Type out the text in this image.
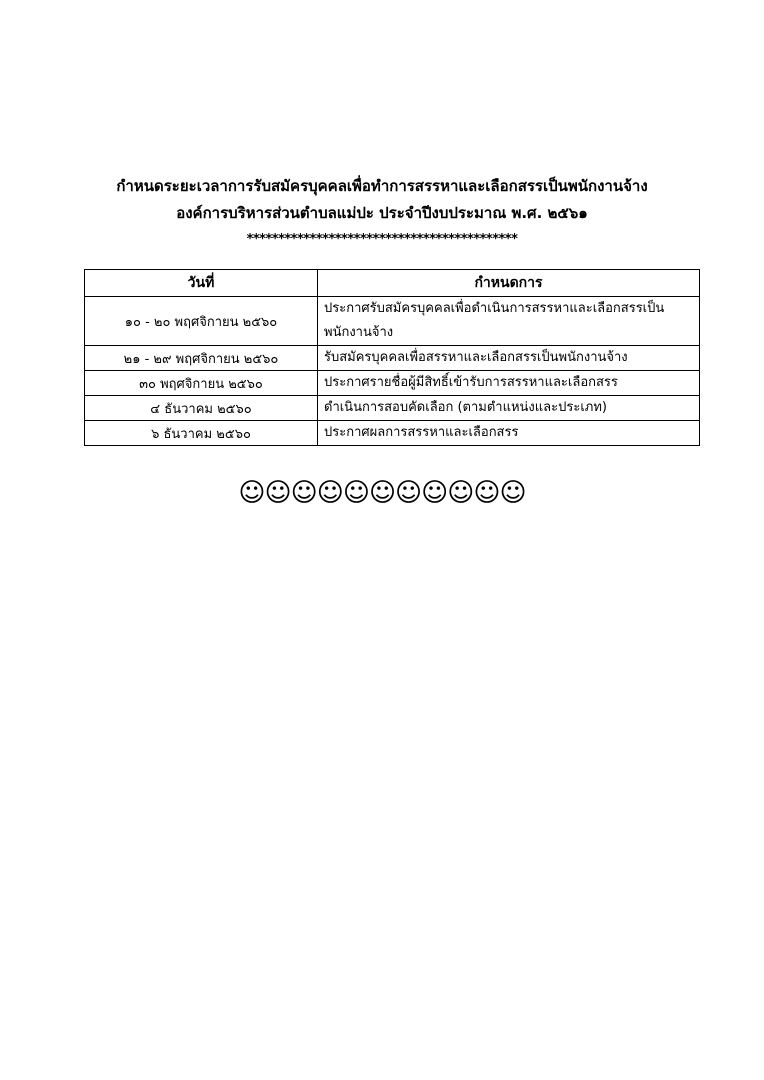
กำหนดระยะเวลาการรับสมัครบุคคลเพื่อทำการสรรหาและเลือกสรรเป็นพนักงานจ้าง
องค์การบริหารส่วนตำบลแม่ปะ ประจำปีงบประมาณ พ.ศ. ๒๕๖๑
*******************************************
วันที่	กำหนดการ
๑๐ - ๒๐ พฤศจิกายน ๒๕๖๐	ประกาศรับสมัครบุคคลเพื่อดำเนินการสรรหาและเลือกสรรเป็น
พนักงานจ้าง

๒๑ - ๒๙ พฤศจิกายน ๒๕๖๐	รับสมัครบุคคลเพื่อสรรหาและเลือกสรรเป็นพนักงานจ้าง
๓๐ พฤศจิกายน ๒๕๖๐	ประกาศรายชื่อผู้มีสิทธิ์เข้ารับการสรรหาและเลือกสรร
๔ ธันวาคม ๒๕๖๐	ดำเนินการสอบคัดเลือก (ตามตำแหน่งและประเภท)
๖ ธันวาคม ๒๕๖๐	ประกาศผลการสรรหาและเลือกสรร
☺☺☺☺☺☺☺☺☺☺☺
